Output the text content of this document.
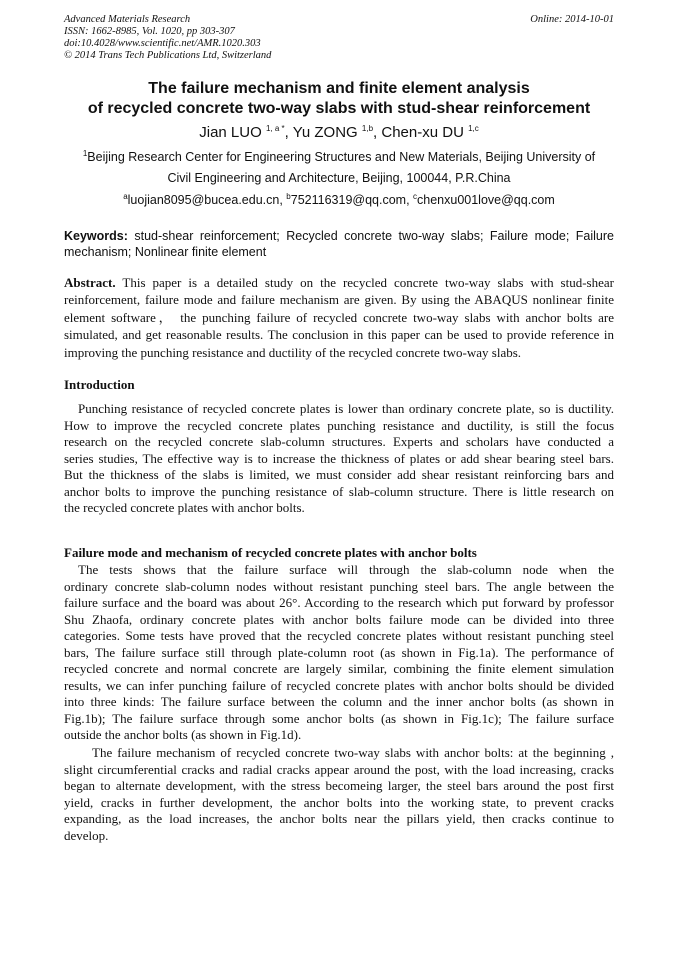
Advanced Materials Research
ISSN: 1662-8985, Vol. 1020, pp 303-307
doi:10.4028/www.scientific.net/AMR.1020.303
© 2014 Trans Tech Publications Ltd, Switzerland
Online: 2014-10-01
The failure mechanism and finite element analysis
of recycled concrete two-way slabs with stud-shear reinforcement
Jian LUO $^{1, a *}$, Yu ZONG $^{1,b}$, Chen-xu DU $^{1,c}$
$^1$Beijing Research Center for Engineering Structures and New Materials, Beijing University of
Civil Engineering and Architecture, Beijing, 100044, P.R.China
$^a$luojian8095@bucea.edu.cn, $^b$752116319@qq.com, $^c$chenxu001love@qq.com
Keywords: stud-shear reinforcement; Recycled concrete two-way slabs; Failure mode; Failure
mechanism; Nonlinear finite element
Abstract. This paper is a detailed study on the recycled concrete two-way slabs with stud-shear
reinforcement, failure mode and failure mechanism are given. By using the ABAQUS nonlinear finite
element software， the punching failure of recycled concrete two-way slabs with anchor bolts are
simulated, and get reasonable results. The conclusion in this paper can be used to provide reference in
improving the punching resistance and ductility of the recycled concrete two-way slabs.
Introduction
Punching resistance of recycled concrete plates is lower than ordinary concrete plate, so is ductility.
How to improve the recycled concrete plates punching resistance and ductility, is still the focus
research on the recycled concrete slab-column structures. Experts and scholars have conducted a
series studies, The effective way is to increase the thickness of plates or add shear bearing steel bars.
But the thickness of the slabs is limited, we must consider add shear resistant reinforcing bars and
anchor bolts to improve the punching resistance of slab-column structure. There is little research on
the recycled concrete plates with anchor bolts.
Failure mode and mechanism of recycled concrete plates with anchor bolts
The tests shows that the failure surface will through the slab-column node when the
ordinary concrete slab-column nodes without resistant punching steel bars. The angle between the
failure surface and the board was about 26°. According to the research which put forward by professor
Shu Zhaofa, ordinary concrete plates with anchor bolts failure mode can be divided into three
categories. Some tests have proved that the recycled concrete plates without resistant punching steel
bars, The failure surface still through plate-column root (as shown in Fig.1a). The performance of
recycled concrete and normal concrete are largely similar, combining the finite element simulation
results, we can infer punching failure of recycled concrete plates with anchor bolts should be divided
into three kinds: The failure surface between the column and the inner anchor bolts (as shown in
Fig.1b); The failure surface through some anchor bolts (as shown in Fig.1c); The failure surface
outside the anchor bolts (as shown in Fig.1d).
The failure mechanism of recycled concrete two-way slabs with anchor bolts: at the beginning ,
slight circumferential cracks and radial cracks appear around the post, with the load increasing, cracks
began to alternate development, with the stress becomeing larger, the steel bars around the post first
yield, cracks in further development, the anchor bolts into the working state, to prevent cracks
expanding, as the load increases, the anchor bolts near the pillars yield, then cracks continue to
develop.
